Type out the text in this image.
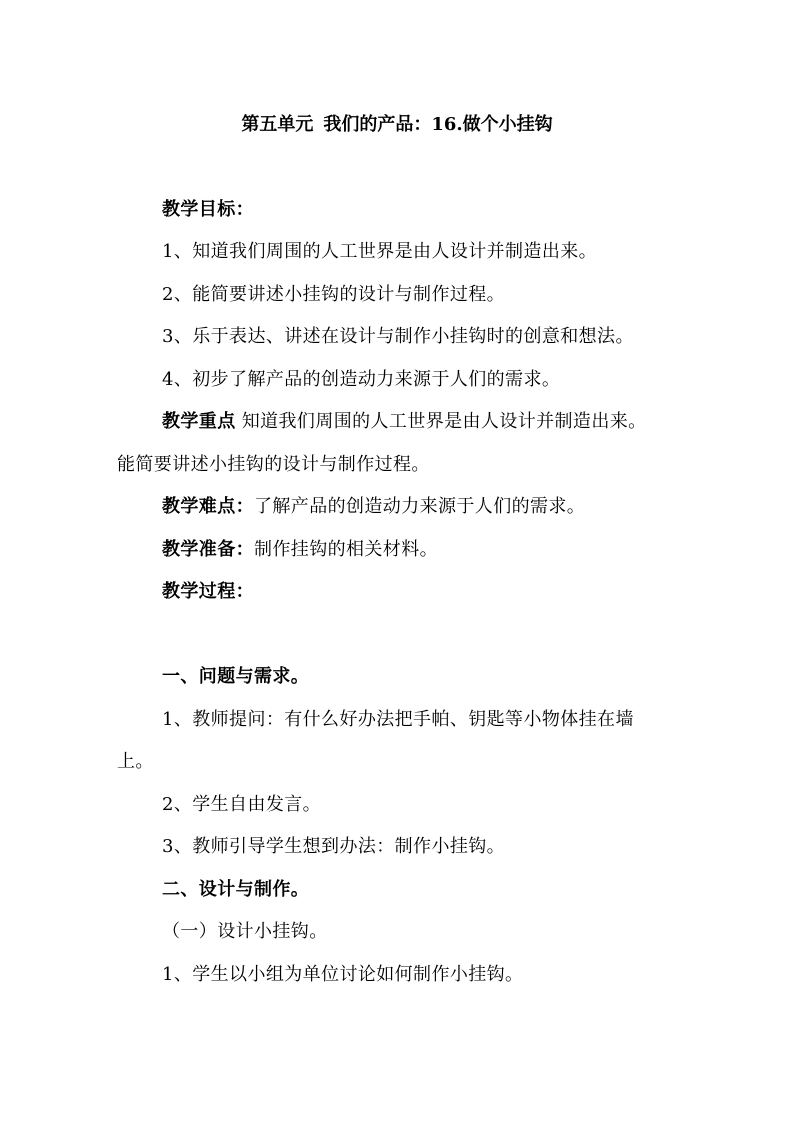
第五单元 我们的产品：16.做个小挂钩
教学目标：
1、知道我们周围的人工世界是由人设计并制造出来。
2、能简要讲述小挂钩的设计与制作过程。
3、乐于表达、讲述在设计与制作小挂钩时的创意和想法。
4、初步了解产品的创造动力来源于人们的需求。
教学重点 知道我们周围的人工世界是由人设计并制造出来。
能简要讲述小挂钩的设计与制作过程。
教学难点：了解产品的创造动力来源于人们的需求。
教学准备：制作挂钩的相关材料。
教学过程：
一、问题与需求。
1、教师提问：有什么好办法把手帕、钥匙等小物体挂在墙
上。
2、学生自由发言。
3、教师引导学生想到办法：制作小挂钩。
二、设计与制作。
（一）设计小挂钩。
1、学生以小组为单位讨论如何制作小挂钩。
